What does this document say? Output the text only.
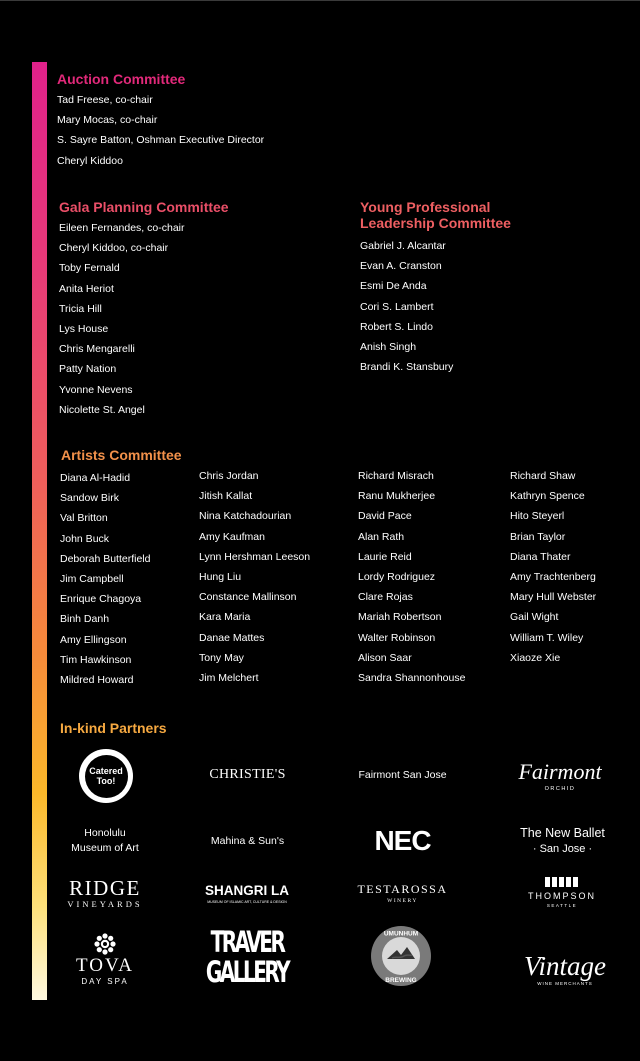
Auction Committee
Tad Freese, co-chair
Mary Mocas, co-chair
S. Sayre Batton, Oshman Executive Director
Cheryl Kiddoo
Gala Planning Committee
Eileen Fernandes, co-chair
Cheryl Kiddoo, co-chair
Toby Fernald
Anita Heriot
Tricia Hill
Lys House
Chris Mengarelli
Patty Nation
Yvonne Nevens
Nicolette St. Angel
Young Professional
Leadership Committee
Gabriel J. Alcantar
Evan A. Cranston
Esmi De Anda
Cori S. Lambert
Robert S. Lindo
Anish Singh
Brandi K. Stansbury
Artists Committee
Diana Al-Hadid
Sandow Birk
Val Britton
John Buck
Deborah Butterfield
Jim Campbell
Enrique Chagoya
Binh Danh
Amy Ellingson
Tim Hawkinson
Mildred Howard
Chris Jordan
Jitish Kallat
Nina Katchadourian
Amy Kaufman
Lynn Hershman Leeson
Hung Liu
Constance Mallinson
Kara Maria
Danae Mattes
Tony May
Jim Melchert
Richard Misrach
Ranu Mukherjee
David Pace
Alan Rath
Laurie Reid
Lordy Rodriguez
Clare Rojas
Mariah Robertson
Walter Robinson
Alison Saar
Sandra Shannonhouse
Richard Shaw
Kathryn Spence
Hito Steyerl
Brian Taylor
Diana Thater
Amy Trachtenberg
Mary Hull Webster
Gail Wight
William T. Wiley
Xiaoze Xie
In-kind Partners
Catered Too!	CHRISTIE'S	Fairmont San Jose	Fairmont
ORCHID
Honolulu
Museum of Art
Mahina & Sun's	NEC	The New Ballet
· San Jose ·
RIDGE
VINEYARDS
SHANGRI LA
MUSEUM OF ISLAMIC ART, CULTURE & DESIGN
TESTAROSSA
WINERY	THOMPSON
SEATTLE
TOVA
DAY SPA
TRAVER
GALLERY
UMUNHUM
BREWING	Vintage
WINE MERCHANTS
